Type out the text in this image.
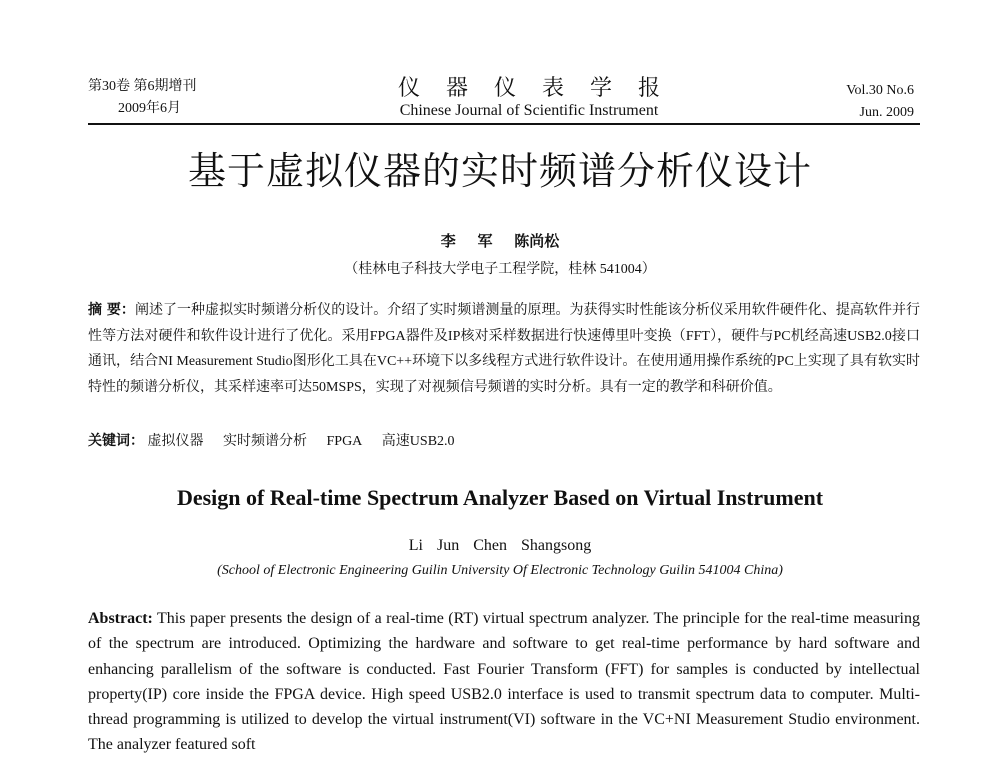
第30卷 第6期增刊
2009年6月
仪器仪表学报
Chinese Journal of Scientific Instrument
Vol.30 No.6
Jun. 2009
基于虚拟仪器的实时频谱分析仪设计
李 军 陈尚松
（桂林电子科技大学电子工程学院，桂林 541004）
摘 要：阐述了一种虚拟实时频谱分析仪的设计。介绍了实时频谱测量的原理。为获得实时性能该分析仪采用软件硬件化、提高软件并行性等方法对硬件和软件设计进行了优化。采用FPGA器件及IP核对采样数据进行快速傅里叶变换（FFT），硬件与PC机经高速USB2.0接口通讯，结合NI Measurement Studio图形化工具在VC++环境下以多线程方式进行软件设计。在使用通用操作系统的PC上实现了具有软实时特性的频谱分析仪，其采样速率可达50MSPS，实现了对视频信号频谱的实时分析。具有一定的教学和科研价值。
关键词： 虚拟仪器 实时频谱分析 FPGA 高速USB2.0
Design of Real-time Spectrum Analyzer Based on Virtual Instrument
Li Jun Chen Shangsong
(School of Electronic Engineering Guilin University Of Electronic Technology Guilin 541004 China)
Abstract: This paper presents the design of a real-time (RT) virtual spectrum analyzer. The principle for the real-time measuring of the spectrum are introduced. Optimizing the hardware and software to get real-time performance by hard software and enhancing parallelism of the software is conducted. Fast Fourier Transform (FFT) for samples is conducted by intellectual property(IP) core inside the FPGA device. High speed USB2.0 interface is used to transmit spectrum data to computer. Multi-thread programming is utilized to develop the virtual instrument(VI) software in the VC+NI Measurement Studio environment. The analyzer featured soft
